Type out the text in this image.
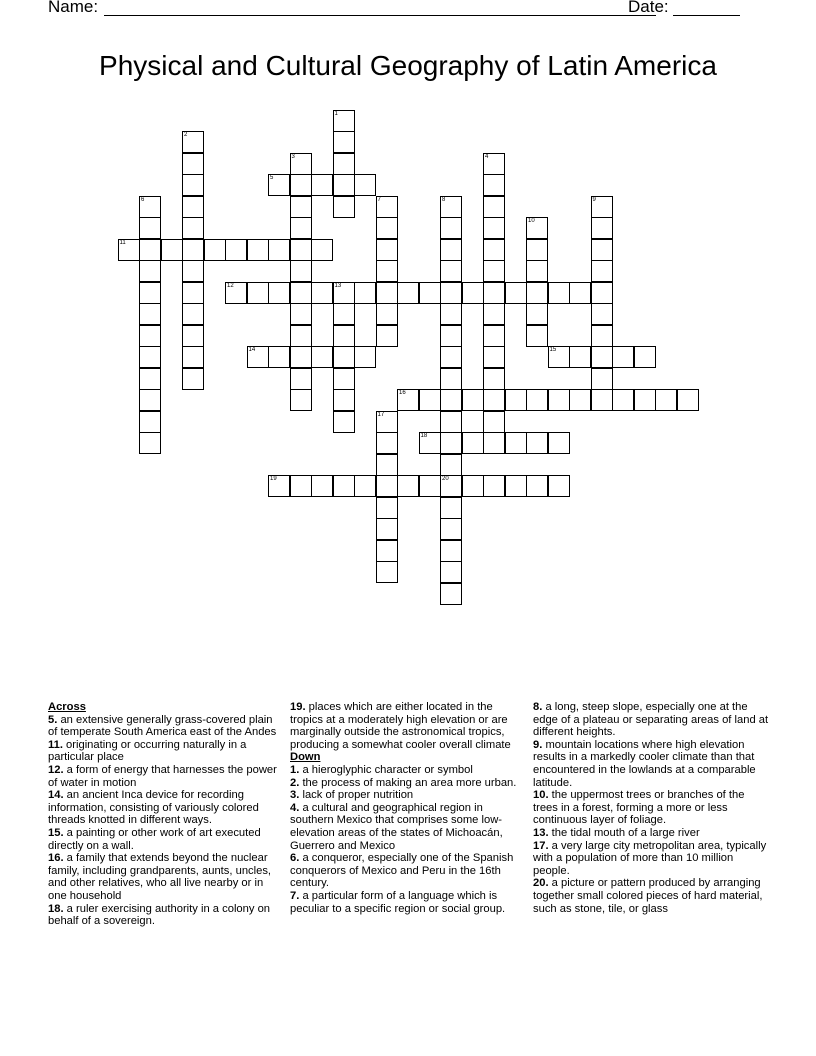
Name:	Date:
Physical and Cultural Geography of Latin America
1
2
3	4
5
6	7	8
20
9
10
11
12	13
14	15
16
17
18
19
Across
5. an extensive generally grass-covered plain of temperate South America east of the Andes
11. originating or occurring naturally in a particular place
12. a form of energy that harnesses the power of water in motion
14. an ancient Inca device for recording information, consisting of variously colored threads knotted in different ways.
15. a painting or other work of art executed directly on a wall.
16. a family that extends beyond the nuclear family, including grandparents, aunts, uncles, and other relatives, who all live nearby or in one household
18. a ruler exercising authority in a colony on behalf of a sovereign.
19. places which are either located in the tropics at a moderately high elevation or are marginally outside the astronomical tropics, producing a somewhat cooler overall climate
Down
1. a hieroglyphic character or symbol
2. the process of making an area more urban.
3. lack of proper nutrition
4. a cultural and geographical region in southern Mexico that comprises some low-elevation areas of the states of Michoacán, Guerrero and Mexico
6. a conqueror, especially one of the Spanish conquerors of Mexico and Peru in the 16th century.
7. a particular form of a language which is peculiar to a specific region or social group.
8. a long, steep slope, especially one at the edge of a plateau or separating areas of land at different heights.
9. mountain locations where high elevation results in a markedly cooler climate than that encountered in the lowlands at a comparable latitude.
10. the uppermost trees or branches of the trees in a forest, forming a more or less continuous layer of foliage.
13. the tidal mouth of a large river
17. a very large city metropolitan area, typically with a population of more than 10 million people.
20. a picture or pattern produced by arranging together small colored pieces of hard material, such as stone, tile, or glass
